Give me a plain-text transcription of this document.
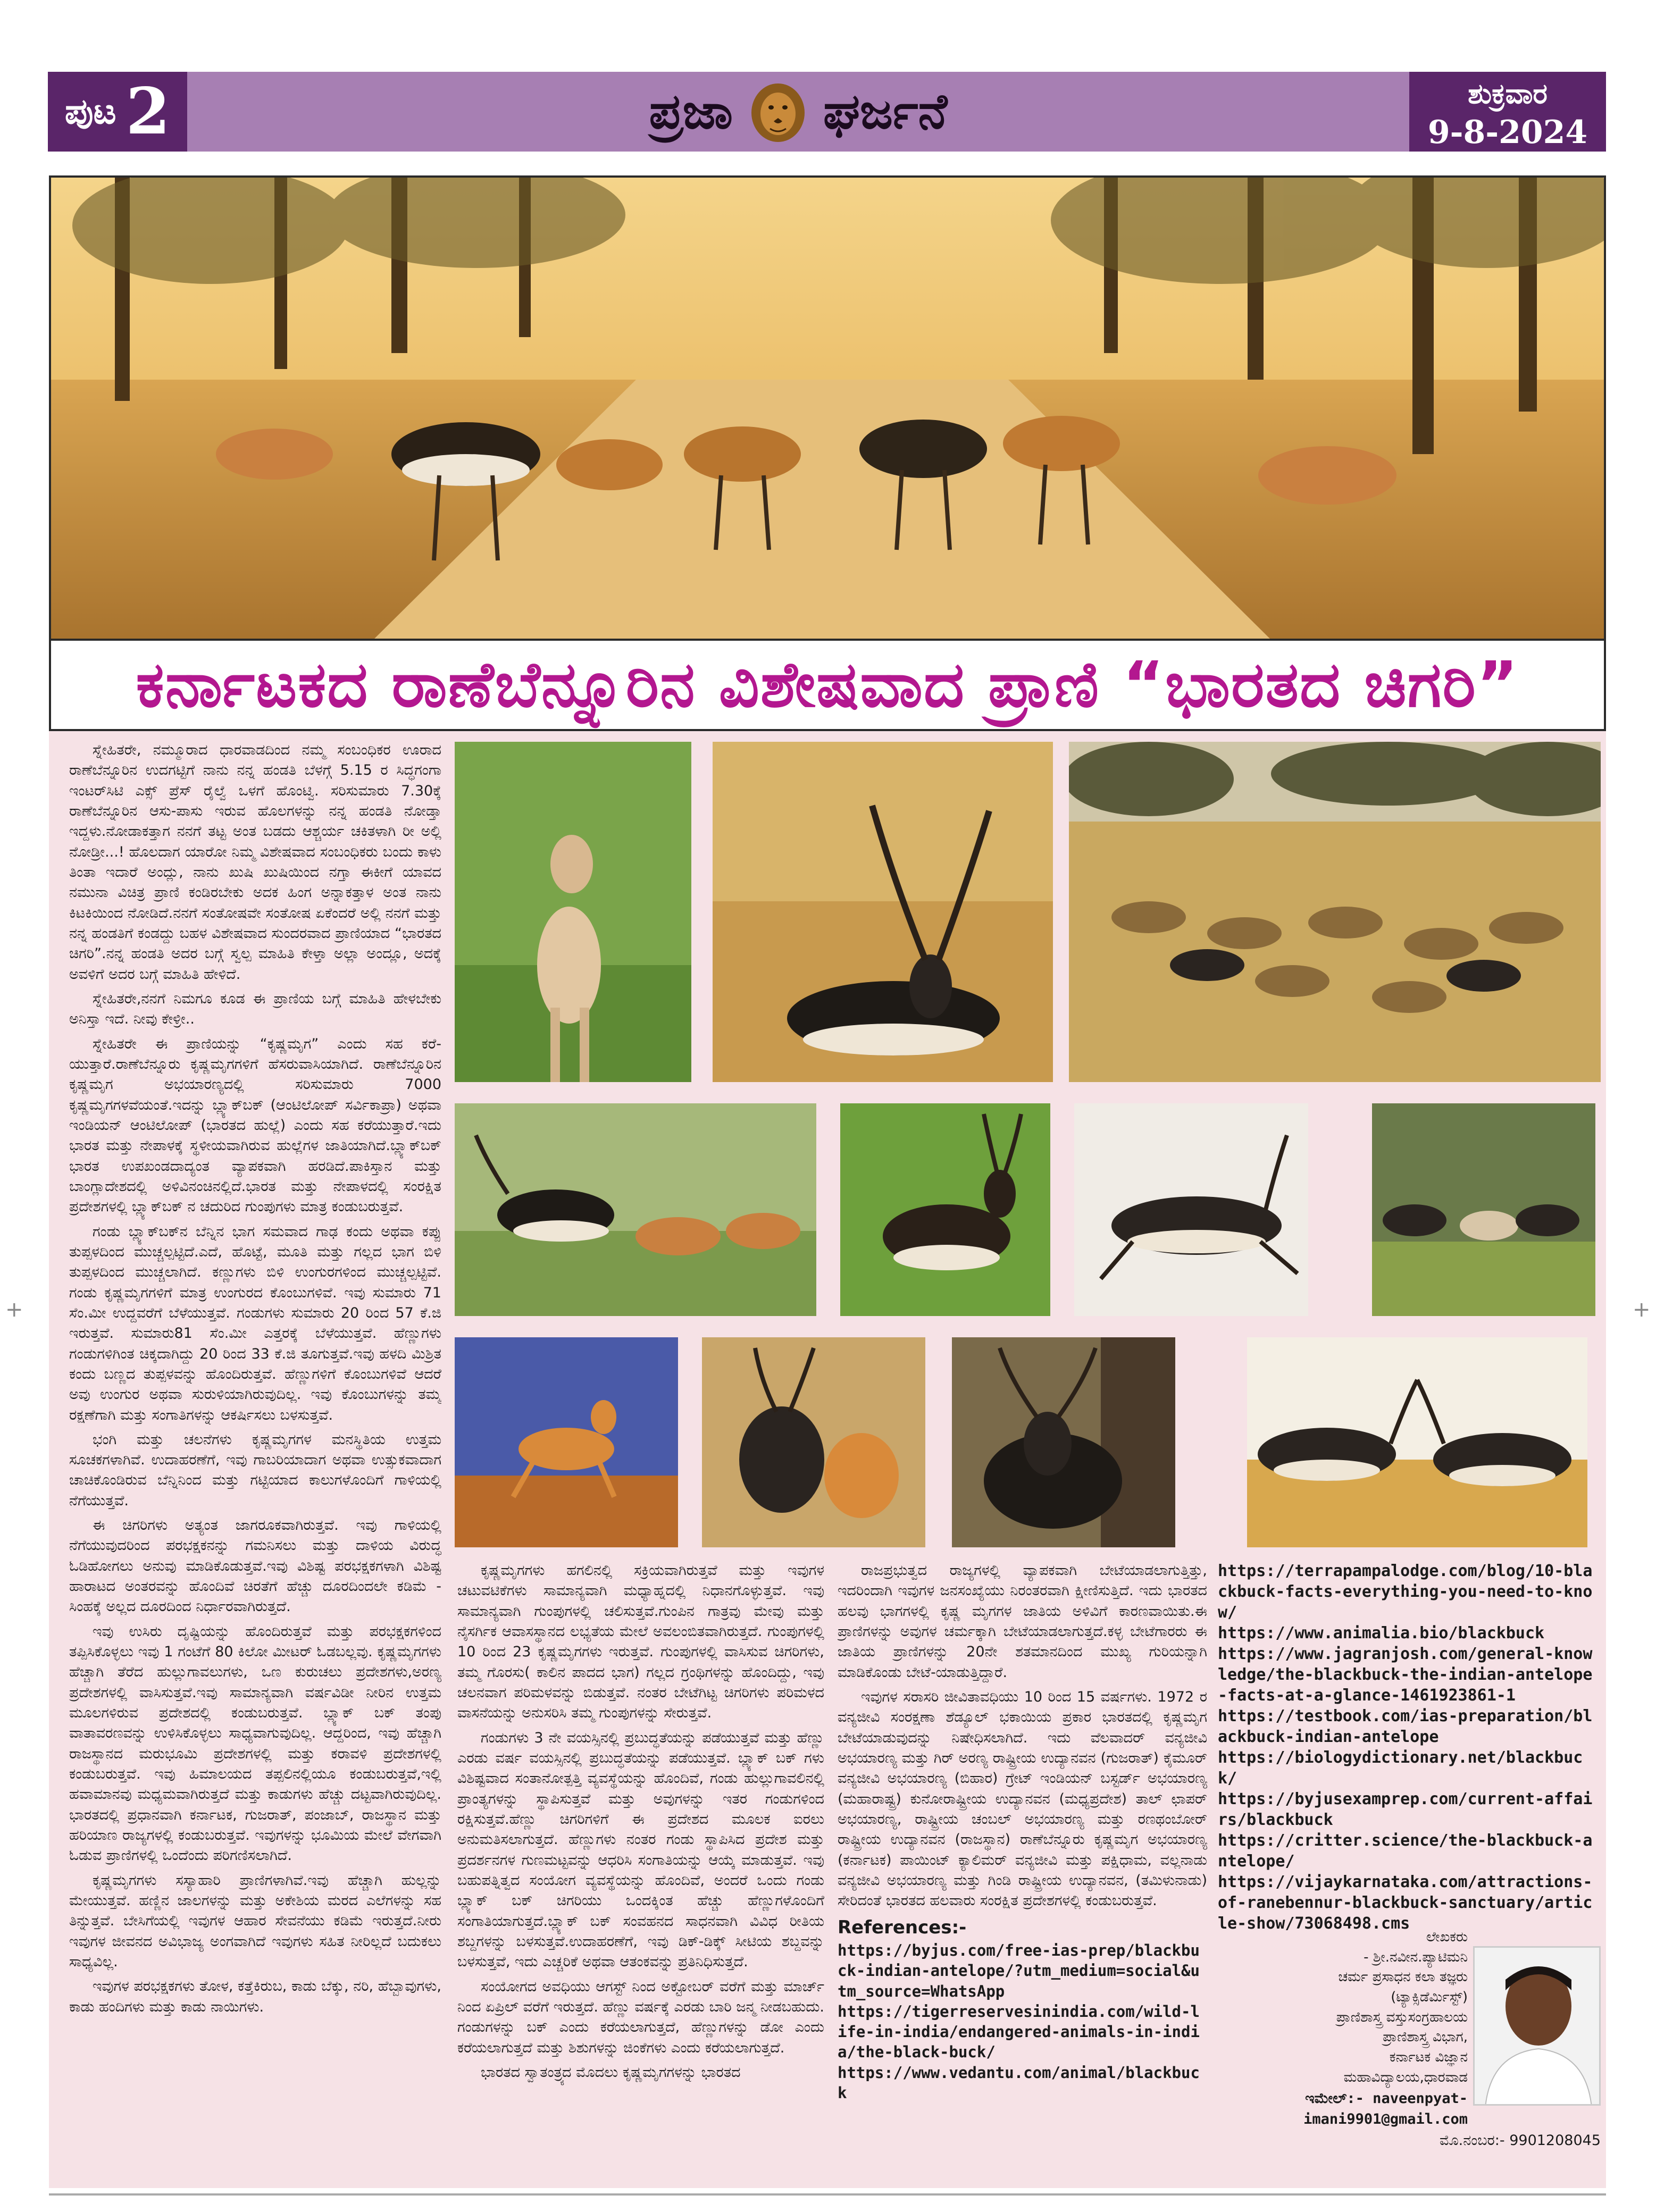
ಪುಟ 2	ಪ್ರಜಾ ಘರ್ಜನೆ	ಶುಕ್ರವಾರ
9-8-2024
ಕರ್ನಾಟಕದ ರಾಣೆಬೆನ್ನೂರಿನ ವಿಶೇಷವಾದ ಪ್ರಾಣಿ “ಭಾರತದ ಚಿಗರಿ”

ಸ್ನೇಹಿತರೇ, ನಮ್ಮೂರಾದ ಧಾರವಾಡದಿಂದ ನಮ್ಮ ಸಂಬಂಧಿಕರ ಊರಾದ ರಾಣೆಬೆನ್ನೂರಿನ ಉದಗಟ್ಟಿಗೆ ನಾನು ನನ್ನ ಹಂಡತಿ ಬೆಳಗ್ಗೆ 5.15 ರ ಸಿದ್ಧಗಂಗಾ ಇಂಟರ್‌ಸಿಟಿ ಎಕ್ಸ್ ಪ್ರೆಸ್ ರೈಲ್ವೆ ಒಳಗೆ ಹೊಂಟ್ವಿ. ಸರಿಸುಮಾರು 7.30ಕ್ಕೆ ರಾಣೆಬೆನ್ನೂರಿನ ಆಸು-ಪಾಸು ಇರುವ ಹೊಲಗಳನ್ನು ನನ್ನ ಹಂಡತಿ ನೋಡ್ತಾ ಇದ್ದಳು.ನೋಡಾಕತ್ತಾಗ ನನಗೆ ತಟ್ಟ ಅಂತ ಬಡದು ಆಶ್ಚರ್ಯ ಚಕಿತಳಾಗಿ ರೀ ಅಲ್ಲಿ ನೋಡ್ರೀ...! ಹೊಲದಾಗ ಯಾರೋ ನಿಮ್ಮ ವಿಶೇಷವಾದ ಸಂಬಂಧಿಕರು ಬಂದು ಕಾಳು ತಿಂತಾ ಇದಾರೆ ಅಂದ್ಲು, ನಾನು ಖುಷಿ ಖುಷಿಯಿಂದ ನಗ್ತಾ ಈಕೀಗೆ ಯಾವದ ನಮುನಾ ವಿಚಿತ್ರ ಪ್ರಾಣಿ ಕಂಡಿರಬೇಕು ಅದಕ ಹಿಂಗ ಅನ್ನಾಕತ್ತಾಳ ಅಂತ ನಾನು ಕಿಟಕಿಯಿಂದ ನೋಡಿದೆ.ನನಗೆ ಸಂತೋಷವೇ ಸಂತೋಷ ಏಕೆಂದರೆ ಅಲ್ಲಿ ನನಗೆ ಮತ್ತು ನನ್ನ ಹಂಡತಿಗೆ ಕಂಡದ್ದು ಬಹಳ ವಿಶೇಷವಾದ ಸುಂದರವಾದ ಪ್ರಾಣಿಯಾದ “ಭಾರತದ ಚಿಗರಿ”.ನನ್ನ ಹಂಡತಿ ಅದರ ಬಗ್ಗೆ ಸ್ವಲ್ಪ ಮಾಹಿತಿ ಕೇಳ್ತಾ ಅಲ್ಲಾ ಅಂದ್ಲೂ, ಅದಕ್ಕೆ ಅವಳಿಗೆ ಅದರ ಬಗ್ಗೆ ಮಾಹಿತಿ ಹೇಳಿದೆ.

ಸ್ನೇಹಿತರೇ,ನನಗೆ ನಿಮಗೂ ಕೂಡ ಈ ಪ್ರಾಣಿಯ ಬಗ್ಗೆ ಮಾಹಿತಿ ಹೇಳಬೇಕು ಅನಿಸ್ತಾ ಇದೆ. ನೀವು ಕೇಳ್ರೀ..

ಸ್ನೇಹಿತರೇ ಈ ಪ್ರಾಣಿಯನ್ನು “ಕೃಷ್ಣಮೃಗ” ಎಂದು ಸಹ ಕರೆ-ಯುತ್ತಾರೆ.ರಾಣೆಬೆನ್ನೂರು ಕೃಷ್ಣಮೃಗಗಳಿಗೆ ಹೆಸರುವಾಸಿಯಾಗಿದೆ. ರಾಣೆಬೆನ್ನೂರಿನ ಕೃಷ್ಣಮೃಗ ಅಭಯಾರಣ್ಯದಲ್ಲಿ ಸರಿಸುಮಾರು 7000 ಕೃಷ್ಣಮೃಗಗಳವೆಯಂತೆ.ಇದನ್ನು ಬ್ಲ್ಯಾಕ್‌ಬಕ್ (ಆಂಟಿಲೋಪ್ ಸರ್ವಿಕಾಪ್ರಾ) ಅಥವಾ ಇಂಡಿಯನ್ ಆಂಟಿಲೋಪ್ (ಭಾರತದ ಹುಲ್ಲೆ) ಎಂದು ಸಹ ಕರೆಯುತ್ತಾರೆ.ಇದು ಭಾರತ ಮತ್ತು ನೇಪಾಳಕ್ಕೆ ಸ್ಥಳೀಯವಾಗಿರುವ ಹುಲ್ಲೆಗಳ ಜಾತಿಯಾಗಿದೆ.ಬ್ಲ್ಯಾಕ್‌ಬಕ್ ಭಾರತ ಉಪಖಂಡದಾದ್ಯಂತ ವ್ಯಾಪಕವಾಗಿ ಹರಡಿದೆ.ಪಾಕಿಸ್ತಾನ ಮತ್ತು ಬಾಂಗ್ಲಾದೇಶದಲ್ಲಿ ಅಳಿವಿನಂಚಿನಲ್ಲಿದೆ.ಭಾರತ ಮತ್ತು ನೇಪಾಳದಲ್ಲಿ ಸಂರಕ್ಷಿತ ಪ್ರದೇಶಗಳಲ್ಲಿ ಬ್ಲ್ಯಾಕ್‌ಬಕ್ ನ ಚದುರಿದ ಗುಂಪುಗಳು ಮಾತ್ರ ಕಂಡುಬರುತ್ತವೆ.

ಗಂಡು ಬ್ಲ್ಯಾಕ್‌ಬಕ್‌ನ ಬೆನ್ನಿನ ಭಾಗ ಸಮವಾದ ಗಾಢ ಕಂದು ಅಥವಾ ಕಪ್ಪು ತುಪ್ಪಳದಿಂದ ಮುಚ್ಚಲ್ಪಟ್ಟಿದೆ.ಎದೆ, ಹೊಟ್ಟೆ, ಮೂತಿ ಮತ್ತು ಗಲ್ಲದ ಭಾಗ ಬಿಳಿ ತುಪ್ಪಳದಿಂದ ಮುಚ್ಚಲಾಗಿದೆ. ಕಣ್ಣುಗಳು ಬಿಳಿ ಉಂಗುರಗಳಿಂದ ಮುಚ್ಚಲ್ಪಟ್ಟಿವೆ. ಗಂಡು ಕೃಷ್ಣಮೃಗಗಳಿಗೆ ಮಾತ್ರ ಉಂಗುರದ ಕೊಂಬುಗಳಿವೆ. ಇವು ಸುಮಾರು 71 ಸೆಂ.ಮೀ ಉದ್ದವರೆಗೆ ಬೆಳೆಯುತ್ತವೆ. ಗಂಡುಗಳು ಸುಮಾರು 20 ರಿಂದ 57 ಕೆ.ಜಿ ಇರುತ್ತವೆ. ಸುಮಾರು81 ಸೆಂ.ಮೀ ಎತ್ತರಕ್ಕೆ ಬೆಳೆಯುತ್ತವೆ. ಹೆಣ್ಣುಗಳು ಗಂಡುಗಳಿಗಿಂತ ಚಿಕ್ಕದಾಗಿದ್ದು 20 ರಿಂದ 33 ಕೆ.ಜಿ ತೂಗುತ್ತವೆ.ಇವು ಹಳದಿ ಮಿಶ್ರಿತ ಕಂದು ಬಣ್ಣದ ತುಪ್ಪಳವನ್ನು ಹೊಂದಿರುತ್ತವೆ. ಹೆಣ್ಣುಗಳಿಗೆ ಕೊಂಬುಗಳಿವೆ ಆದರೆ ಅವು ಉಂಗುರ ಅಥವಾ ಸುರುಳಿಯಾಗಿರುವುದಿಲ್ಲ. ಇವು ಕೊಂಬುಗಳನ್ನು ತಮ್ಮ ರಕ್ಷಣೆಗಾಗಿ ಮತ್ತು ಸಂಗಾತಿಗಳನ್ನು ಆಕರ್ಷಿಸಲು ಬಳಸುತ್ತವೆ.

ಭಂಗಿ ಮತ್ತು ಚಲನೆಗಳು ಕೃಷ್ಣಮೃಗಗಳ ಮನಸ್ಥಿತಿಯ ಉತ್ತಮ ಸೂಚಕಗಳಾಗಿವೆ. ಉದಾಹರಣೆಗೆ, ಇವು ಗಾಬರಿಯಾದಾಗ ಅಥವಾ ಉತ್ಸುಕವಾದಾಗ ಚಾಚಿಕೊಂಡಿರುವ ಬೆನ್ನಿನಿಂದ ಮತ್ತು ಗಟ್ಟಿಯಾದ ಕಾಲುಗಳೊಂದಿಗೆ ಗಾಳಿಯಲ್ಲಿ ನೆಗೆಯುತ್ತವೆ.

ಈ ಚಿಗರಿಗಳು ಅತ್ಯಂತ ಜಾಗರೂಕವಾಗಿರುತ್ತವೆ. ಇವು ಗಾಳಿಯಲ್ಲಿ ನೆಗೆಯುವುದರಿಂದ ಪರಭಕ್ಷಕನನ್ನು ಗಮನಿಸಲು ಮತ್ತು ದಾಳಿಯ ವಿರುದ್ಧ ಓಡಿಹೋಗಲು ಅನುವು ಮಾಡಿಕೊಡುತ್ತವೆ.ಇವು ವಿಶಿಷ್ಟ ಪರಭಕ್ಷಕಗಳಾಗಿ ವಿಶಿಷ್ಟ ಹಾರಾಟದ ಅಂತರವನ್ನು ಹೊಂದಿವೆ ಚಿರತೆಗೆ ಹೆಚ್ಚು ದೂರದಿಂದಲೇ ಕಡಿಮೆ - ಸಿಂಹಕ್ಕೆ ಅಲ್ಲದ ದೂರದಿಂದ ನಿರ್ಧಾರವಾಗಿರುತ್ತದೆ.

ಇವು ಉಸಿರು ದೃಷ್ಟಿಯನ್ನು ಹೊಂದಿರುತ್ತವೆ ಮತ್ತು ಪರಭಕ್ಷಕಗಳಿಂದ ತಪ್ಪಿಸಿಕೊಳ್ಳಲು ಇವು 1 ಗಂಟೆಗೆ 80 ಕಿಲೋ ಮೀಟರ್ ಓಡಬಲ್ಲವು. ಕೃಷ್ಣಮೃಗಗಳು ಹೆಚ್ಚಾಗಿ ತೆರೆದ ಹುಲ್ಲುಗಾವಲುಗಳು, ಒಣ ಕುರುಚಲು ಪ್ರದೇಶಗಳು,ಅರಣ್ಯ ಪ್ರದೇಶಗಳಲ್ಲಿ ವಾಸಿಸುತ್ತವೆ.ಇವು ಸಾಮಾನ್ಯವಾಗಿ ವರ್ಷವಿಡೀ ನೀರಿನ ಉತ್ತಮ ಮೂಲಗಳಿರುವ ಪ್ರದೇಶದಲ್ಲಿ ಕಂಡುಬರುತ್ತವೆ. ಬ್ಲ್ಯಾಕ್ ಬಕ್ ತಂಪು ವಾತಾವರಣವನ್ನು ಉಳಿಸಿಕೊಳ್ಳಲು ಸಾಧ್ಯವಾಗುವುದಿಲ್ಲ. ಆದ್ದರಿಂದ, ಇವು ಹೆಚ್ಚಾಗಿ ರಾಜಸ್ಥಾನದ ಮರುಭೂಮಿ ಪ್ರದೇಶಗಳಲ್ಲಿ ಮತ್ತು ಕರಾವಳಿ ಪ್ರದೇಶಗಳಲ್ಲಿ ಕಂಡುಬರುತ್ತವೆ. ಇವು ಹಿಮಾಲಯದ ತಪ್ಪಲಿನಲ್ಲಿಯೂ ಕಂಡುಬರುತ್ತವೆ,ಇಲ್ಲಿ ಹವಾಮಾನವು ಮಧ್ಯಮವಾಗಿರುತ್ತದೆ ಮತ್ತು ಕಾಡುಗಳು ಹೆಚ್ಚು ದಟ್ಟವಾಗಿರುವುದಿಲ್ಲ. ಭಾರತದಲ್ಲಿ ಪ್ರಧಾನವಾಗಿ ಕರ್ನಾಟಕ, ಗುಜರಾತ್, ಪಂಜಾಬ್, ರಾಜಸ್ಥಾನ ಮತ್ತು ಹರಿಯಾಣ ರಾಜ್ಯಗಳಲ್ಲಿ ಕಂಡುಬರುತ್ತವೆ. ಇವುಗಳನ್ನು ಭೂಮಿಯ ಮೇಲೆ ವೇಗವಾಗಿ ಓಡುವ ಪ್ರಾಣಿಗಳಲ್ಲಿ ಒಂದೆಂದು ಪರಿಗಣಿಸಲಾಗಿದೆ.

ಕೃಷ್ಣಮೃಗಗಳು ಸಸ್ಯಾಹಾರಿ ಪ್ರಾಣಿಗಳಾಗಿವೆ.ಇವು ಹೆಚ್ಚಾಗಿ ಹುಲ್ಲನ್ನು ಮೇಯುತ್ತವೆ. ಹಣ್ಣಿನ ಜಾಲಗಳನ್ನು ಮತ್ತು ಅಕೇಶಿಯ ಮರದ ಎಲೆಗಳನ್ನು ಸಹ ತಿನ್ನುತ್ತವೆ. ಬೇಸಿಗೆಯಲ್ಲಿ ಇವುಗಳ ಆಹಾರ ಸೇವನೆಯು ಕಡಿಮೆ ಇರುತ್ತದೆ.ನೀರು ಇವುಗಳ ಜೀವನದ ಅವಿಭಾಜ್ಯ ಅಂಗವಾಗಿದೆ ಇವುಗಳು ಸಹಿತ ನೀರಿಲ್ಲದೆ ಬದುಕಲು ಸಾಧ್ಯವಿಲ್ಲ.

ಇವುಗಳ ಪರಭಕ್ಷಕಗಳು ತೋಳ, ಕತ್ತೆಕಿರುಬ, ಕಾಡು ಬೆಕ್ಕು, ನರಿ, ಹೆಬ್ಬಾವುಗಳು, ಕಾಡು ಹಂದಿಗಳು ಮತ್ತು ಕಾಡು ನಾಯಿಗಳು.

ಕೃಷ್ಣಮೃಗಗಳು ಹಗಲಿನಲ್ಲಿ ಸಕ್ರಿಯವಾಗಿರುತ್ತವೆ ಮತ್ತು ಇವುಗಳ ಚಟುವಟಿಕೆಗಳು ಸಾಮಾನ್ಯವಾಗಿ ಮಧ್ಯಾಹ್ನದಲ್ಲಿ ನಿಧಾನಗೊಳ್ಳುತ್ತವೆ. ಇವು ಸಾಮಾನ್ಯವಾಗಿ ಗುಂಪುಗಳಲ್ಲಿ ಚಲಿಸುತ್ತವೆ.ಗುಂಪಿನ ಗಾತ್ರವು ಮೇವು ಮತ್ತು ನೈಸರ್ಗಿಕ ಆವಾಸಸ್ಥಾನದ ಲಭ್ಯತೆಯ ಮೇಲೆ ಅವಲಂಬಿತವಾಗಿರುತ್ತದೆ. ಗುಂಪುಗಳಲ್ಲಿ 10 ರಿಂದ 23 ಕೃಷ್ಣಮೃಗಗಳು ಇರುತ್ತವೆ. ಗುಂಪುಗಳಲ್ಲಿ ವಾಸಿಸುವ ಚಿಗರಿಗಳು, ತಮ್ಮ ಗೊರಸು( ಕಾಲಿನ ಪಾದದ ಭಾಗ) ಗಲ್ಲದ ಗ್ರಂಥಿಗಳನ್ನು ಹೊಂದಿದ್ದು, ಇವು ಚಲನವಾಗ ಪರಿಮಳವನ್ನು ಬಿಡುತ್ತವೆ. ನಂತರ ಬೇಟೆಗಿಟ್ಟ ಚಿಗರಿಗಳು ಪರಿಮಳದ ವಾಸನೆಯನ್ನು ಅನುಸರಿಸಿ ತಮ್ಮ ಗುಂಪುಗಳನ್ನು ಸೇರುತ್ತವೆ.

ಗಂಡುಗಳು 3 ನೇ ವಯಸ್ಸಿನಲ್ಲಿ ಪ್ರಬುದ್ಧತೆಯನ್ನು ಪಡೆಯುತ್ತವೆ ಮತ್ತು ಹೆಣ್ಣು ಎರಡು ವರ್ಷ ವಯಸ್ಸಿನಲ್ಲಿ ಪ್ರಬುದ್ಧತೆಯನ್ನು ಪಡೆಯುತ್ತವೆ. ಬ್ಲ್ಯಾಕ್ ಬಕ್ ಗಳು ವಿಶಿಷ್ಟವಾದ ಸಂತಾನೋತ್ಪತ್ತಿ ವ್ಯವಸ್ಥೆಯನ್ನು ಹೊಂದಿವೆ, ಗಂಡು ಹುಲ್ಲುಗಾವಲಿನಲ್ಲಿ ಪ್ರಾಂತ್ಯಗಳನ್ನು ಸ್ಥಾಪಿಸುತ್ತವೆ ಮತ್ತು ಅವುಗಳನ್ನು ಇತರ ಗಂಡುಗಳಿಂದ ರಕ್ಷಿಸುತ್ತವೆ.ಹೆಣ್ಣು ಚಿಗರಿಗಳಿಗೆ ಈ ಪ್ರದೇಶದ ಮೂಲಕ ಐರಲು ಅನುಮತಿಸಲಾಗುತ್ತದೆ. ಹೆಣ್ಣುಗಳು ನಂತರ ಗಂಡು ಸ್ಥಾಪಿಸಿದ ಪ್ರದೇಶ ಮತ್ತು ಪ್ರದರ್ಶನಗಳ ಗುಣಮಟ್ಟವನ್ನು ಆಧರಿಸಿ ಸಂಗಾತಿಯನ್ನು ಆಯ್ಕೆ ಮಾಡುತ್ತವೆ. ಇವು ಬಹುಪತ್ನಿತ್ವದ ಸಂಯೋಗ ವ್ಯವಸ್ಥೆಯನ್ನು ಹೊಂದಿವೆ, ಅಂದರೆ ಒಂದು ಗಂಡು ಬ್ಲ್ಯಾಕ್ ಬಕ್ ಚಿಗರಿಯು ಒಂದಕ್ಕಿಂತ ಹೆಚ್ಚು ಹೆಣ್ಣುಗಳೊಂದಿಗೆ ಸಂಗಾತಿಯಾಗುತ್ತದೆ.ಬ್ಲ್ಯಾಕ್ ಬಕ್ ಸಂವಹನದ ಸಾಧನವಾಗಿ ವಿವಿಧ ರೀತಿಯ ಶಬ್ದಗಳನ್ನು ಬಳಸುತ್ತವೆ.ಉದಾಹರಣೆಗೆ, ಇವು ಡಿಕ್-ಡಿಕ್ಕ್ ಸೀಟಿಯ ಶಬ್ದವನ್ನು ಬಳಸುತ್ತವೆ, ಇದು ಎಚ್ಚರಿಕೆ ಅಥವಾ ಆತಂಕವನ್ನು ಪ್ರತಿನಿಧಿಸುತ್ತದೆ.

ಸಂಯೋಗದ ಅವಧಿಯು ಆಗಸ್ಟ್ ನಿಂದ ಅಕ್ಟೋಬರ್ ವರೆಗೆ ಮತ್ತು ಮಾರ್ಚ್ ನಿಂದ ಏಪ್ರಿಲ್ ವರೆಗೆ ಇರುತ್ತದೆ. ಹೆಣ್ಣು ವರ್ಷಕ್ಕೆ ಎರಡು ಬಾರಿ ಜನ್ಮ ನೀಡಬಹುದು. ಗಂಡುಗಳನ್ನು ಬಕ್ ಎಂದು ಕರೆಯಲಾಗುತ್ತದೆ, ಹೆಣ್ಣುಗಳನ್ನು ಡೋ ಎಂದು ಕರೆಯಲಾಗುತ್ತದೆ ಮತ್ತು ಶಿಶುಗಳನ್ನು ಜಿಂಕೆಗಳು ಎಂದು ಕರೆಯಲಾಗುತ್ತದೆ.

ಭಾರತದ ಸ್ವಾತಂತ್ರ್ಯದ ಮೊದಲು ಕೃಷ್ಣಮೃಗಗಳನ್ನು ಭಾರತದ

ರಾಜಪ್ರಭುತ್ವದ ರಾಜ್ಯಗಳಲ್ಲಿ ವ್ಯಾಪಕವಾಗಿ ಬೇಟೆಯಾಡಲಾಗುತ್ತಿತ್ತು, ಇದರಿಂದಾಗಿ ಇವುಗಳ ಜನಸಂಖ್ಯೆಯು ನಿರಂತರವಾಗಿ ಕ್ಷೀಣಿಸುತ್ತಿದೆ. ಇದು ಭಾರತದ ಹಲವು ಭಾಗಗಳಲ್ಲಿ ಕೃಷ್ಣ ಮೃಗಗಳ ಜಾತಿಯ ಅಳಿವಿಗೆ ಕಾರಣವಾಯಿತು.ಈ ಪ್ರಾಣಿಗಳನ್ನು ಅವುಗಳ ಚರ್ಮಕ್ಕಾಗಿ ಬೇಟೆಯಾಡಲಾಗುತ್ತದೆ.ಕಳ್ಳ ಬೇಟೆಗಾರರು ಈ ಜಾತಿಯ ಪ್ರಾಣಿಗಳನ್ನು 20ನೇ ಶತಮಾನದಿಂದ ಮುಖ್ಯ ಗುರಿಯನ್ನಾಗಿ ಮಾಡಿಕೊಂಡು ಬೇಟೆ-ಯಾಡುತ್ತಿದ್ದಾರೆ.

ಇವುಗಳ ಸರಾಸರಿ ಜೀವಿತಾವಧಿಯು 10 ರಿಂದ 15 ವರ್ಷಗಳು. 1972 ರ ವನ್ಯಜೀವಿ ಸಂರಕ್ಷಣಾ ಶೆಡ್ಯೂಲ್ ಭಕಾಯಿಯ ಪ್ರಕಾರ ಭಾರತದಲ್ಲಿ ಕೃಷ್ಣಮೃಗ ಬೇಟೆಯಾಡುವುದನ್ನು ನಿಷೇಧಿಸಲಾಗಿದೆ. ಇದು ವೆಲವಾದರ್ ವನ್ಯಜೀವಿ ಅಭಯಾರಣ್ಯ ಮತ್ತು ಗಿರ್ ಅರಣ್ಯ ರಾಷ್ಟ್ರೀಯ ಉದ್ಯಾನವನ (ಗುಜರಾತ್) ಕೈಮೂರ್ ವನ್ಯಜೀವಿ ಅಭಯಾರಣ್ಯ (ಬಿಹಾರ) ಗ್ರೇಟ್ ಇಂಡಿಯನ್ ಬಸ್ಟರ್ಡ್ ಅಭಯಾರಣ್ಯ (ಮಹಾರಾಷ್ಟ್ರ) ಕುನೋರಾಷ್ಟ್ರೀಯ ಉದ್ಯಾನವನ (ಮಧ್ಯಪ್ರದೇಶ) ತಾಲ್ ಛಾಪರ್ ಅಭಯಾರಣ್ಯ, ರಾಷ್ಟ್ರೀಯ ಚಂಬಲ್ ಅಭಯಾರಣ್ಯ ಮತ್ತು ರಣಥಂಬೋರ್ ರಾಷ್ಟ್ರೀಯ ಉದ್ಯಾನವನ (ರಾಜಸ್ಥಾನ) ರಾಣೆಬೆನ್ನೂರು ಕೃಷ್ಣಮೃಗ ಅಭಯಾರಣ್ಯ (ಕರ್ನಾಟಕ) ಪಾಯಿಂಟ್ ಕ್ಯಾಲಿಮರ್ ವನ್ಯಜೀವಿ ಮತ್ತು ಪಕ್ಷಿಧಾಮ, ವಲ್ಲನಾಡು ವನ್ಯಜೀವಿ ಅಭಯಾರಣ್ಯ ಮತ್ತು ಗಿಂಡಿ ರಾಷ್ಟ್ರೀಯ ಉದ್ಯಾನವನ, (ತಮಿಳುನಾಡು) ಸೇರಿದಂತೆ ಭಾರತದ ಹಲವಾರು ಸಂರಕ್ಷಿತ ಪ್ರದೇಶಗಳಲ್ಲಿ ಕಂಡುಬರುತ್ತವೆ.

References:-
https://byjus.com/free-ias-prep/blackbuck-indian-antelope/?utm_medium=social&utm_source=WhatsApp
https://tigerreservesinindia.com/wild-life-in-india/endangered-animals-in-india/the-black-buck/
https://www.vedantu.com/animal/blackbuck
https://terrapampalodge.com/blog/10-blackbuck-facts-everything-you-need-to-know/
https://www.animalia.bio/blackbuck
https://www.jagranjosh.com/general-knowledge/the-blackbuck-the-indian-antelope-facts-at-a-glance-1461923861-1
https://testbook.com/ias-preparation/blackbuck-indian-antelope
https://biologydictionary.net/blackbuck/
https://byjusexamprep.com/current-affairs/blackbuck
https://critter.science/the-blackbuck-antelope/
https://vijaykarnataka.com/attractions-of-ranebennur-blackbuck-sanctuary/article-show/73068498.cms
ಲೇಖಕರು
- ಶ್ರೀ.ನವೀನ.ಪ್ಯಾಟಿಮನಿ
ಚರ್ಮ ಪ್ರಸಾಧನ ಕಲಾ ತಜ್ಞರು
(ಟ್ಯಾಕ್ಸಿಡೆರ್ಮಿಸ್ಟ್)
ಪ್ರಾಣಿಶಾಸ್ತ್ರ ವಸ್ತುಸಂಗ್ರಹಾಲಯ
ಪ್ರಾಣಿಶಾಸ್ತ್ರ ವಿಭಾಗ,
ಕರ್ನಾಟಕ ವಿಜ್ಞಾನ
ಮಹಾವಿದ್ಯಾಲಯ,ಧಾರವಾಡ
ಇಮೇಲ್:- naveenpyat-
imani9901@gmail.com
ಮೊ.ನಂಬರ:- 9901208045
+	+
